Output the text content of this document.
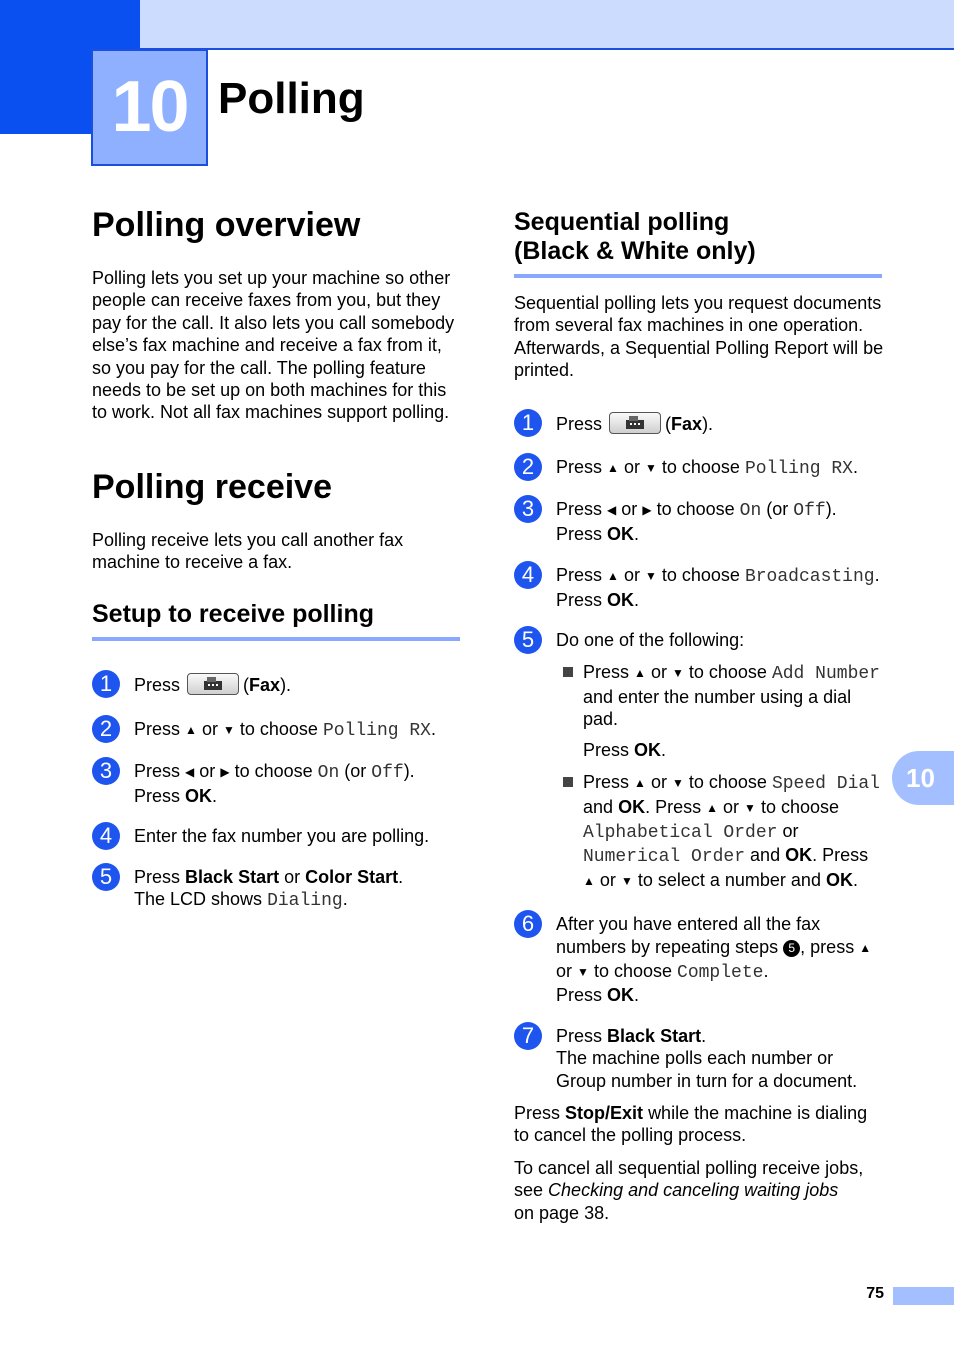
10 Polling
Polling overview

Polling lets you set up your machine so other people can receive faxes from you, but they pay for the call. It also lets you call somebody else’s fax machine and receive a fax from it, so you pay for the call. The polling feature needs to be set up on both machines for this to work. Not all fax machines support polling.

Polling receive

Polling receive lets you call another fax machine to receive a fax.

Setup to receive polling
1	Press	(Fax).
2	Press ▲ or ▼ to choose Polling RX.
3	Press ◀ or ▶ to choose On (or Off).
Press OK.
4	Enter the fax number you are polling.
5	Press Black Start or Color Start.
The LCD shows Dialing.
Sequential polling
(Black & White only)

Sequential polling lets you request documents from several fax machines in one operation. Afterwards, a Sequential Polling Report will be printed.

1	Press	(Fax).
2	Press ▲ or ▼ to choose Polling RX.
3	Press ◀ or ▶ to choose On (or Off).
Press OK.
4	Press ▲ or ▼ to choose Broadcasting.
Press OK.
5	Do one of the following:
Press ▲ or ▼ to choose Add Number and enter the number using a dial pad.
Press OK.
Press ▲ or ▼ to choose Speed Dial and OK. Press ▲ or ▼ to choose Alphabetical Order or Numerical Order and OK. Press ▲ or ▼ to select a number and OK.
6	After you have entered all the fax numbers by repeating steps 5 , press ▲ or ▼ to choose Complete.
Press OK.
7	Press Black Start.
The machine polls each number or Group number in turn for a document.

Press Stop/Exit while the machine is dialing to cancel the polling process.

To cancel all sequential polling receive jobs, see Checking and canceling waiting jobs
on page 38.

10
75
